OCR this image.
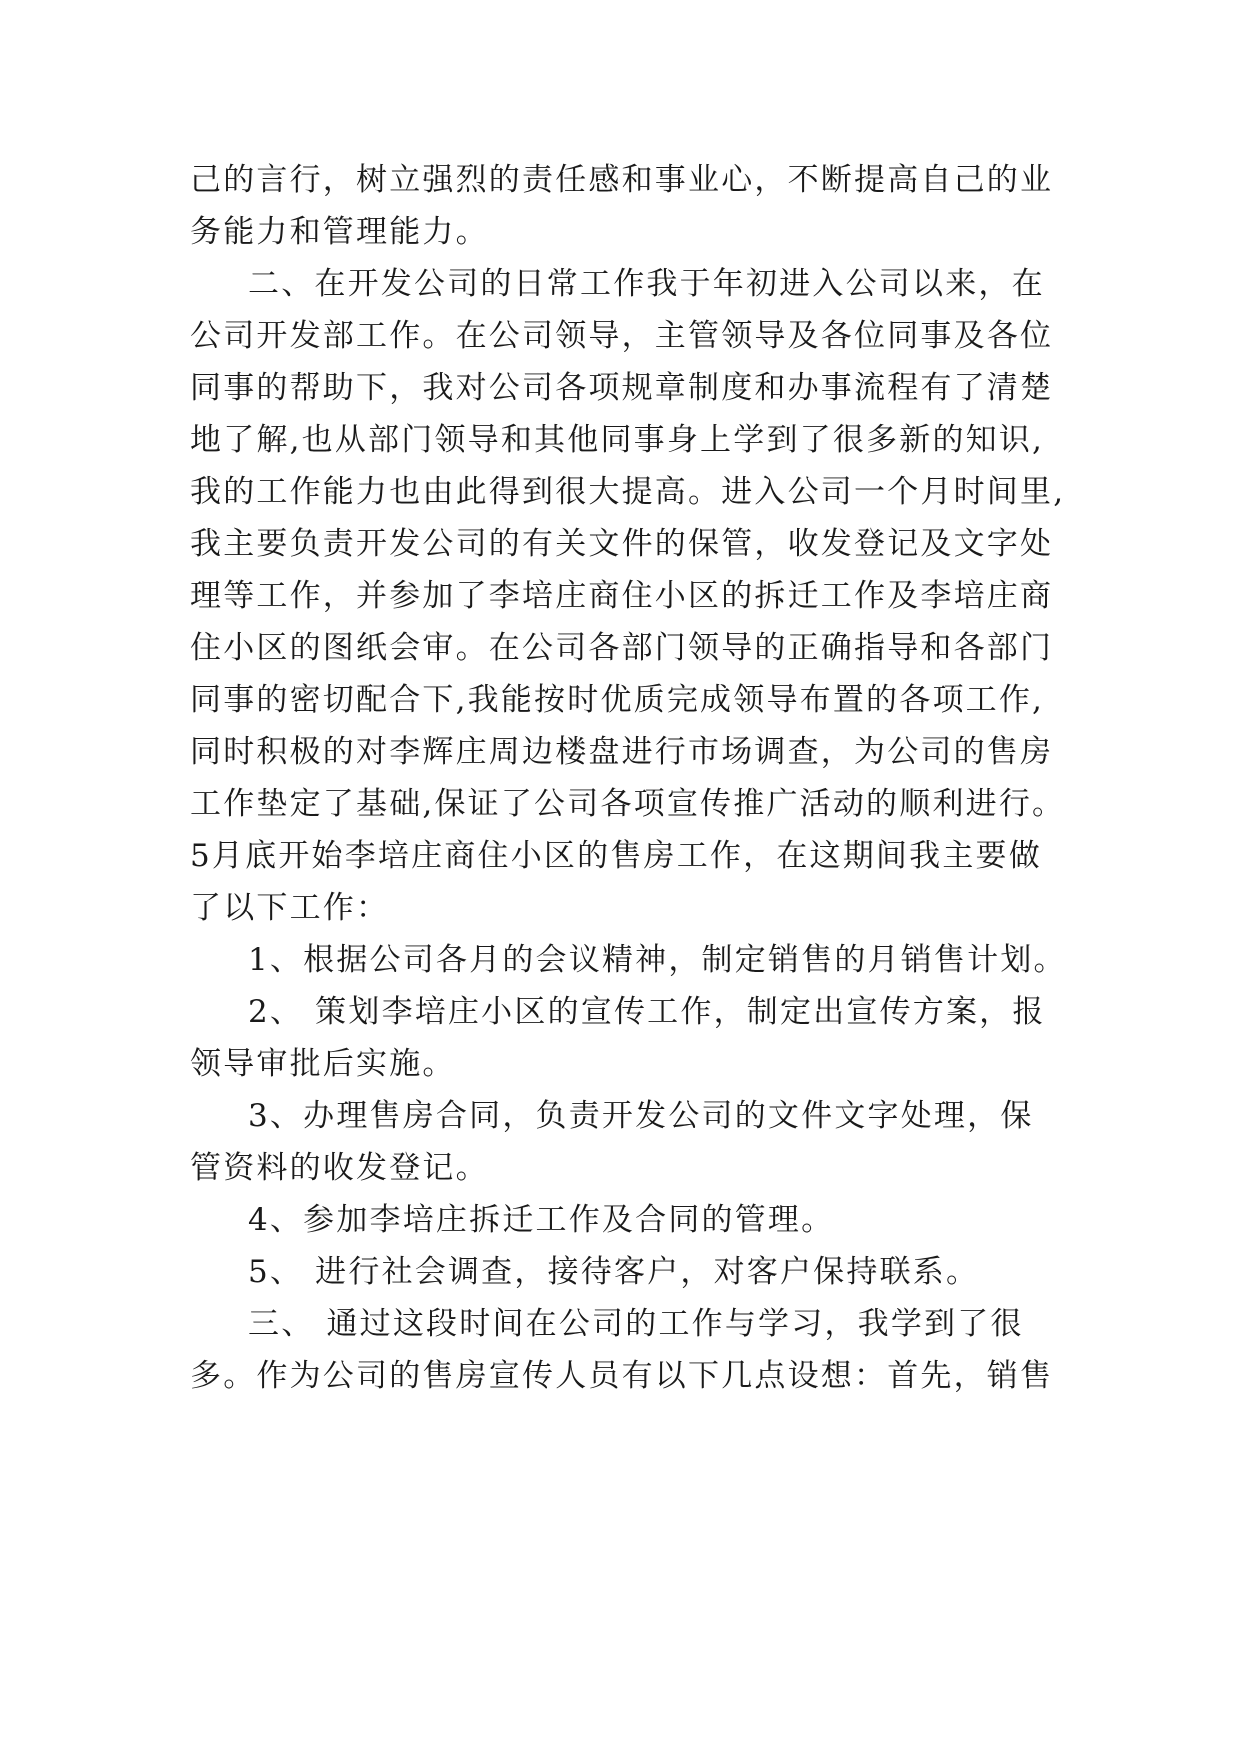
己的言行，树立强烈的责任感和事业心，不断提高自己的业
务能力和管理能力。
二、在开发公司的日常工作我于年初进入公司以来，在
公司开发部工作。在公司领导，主管领导及各位同事及各位
同事的帮助下，我对公司各项规章制度和办事流程有了清楚
地了解,也从部门领导和其他同事身上学到了很多新的知识,
我的工作能力也由此得到很大提高。进入公司一个月时间里,
我主要负责开发公司的有关文件的保管，收发登记及文字处
理等工作，并参加了李培庄商住小区的拆迁工作及李培庄商
住小区的图纸会审。在公司各部门领导的正确指导和各部门
同事的密切配合下,我能按时优质完成领导布置的各项工作,
同时积极的对李辉庄周边楼盘进行市场调查，为公司的售房
工作垫定了基础,保证了公司各项宣传推广活动的顺利进行。
5月底开始李培庄商住小区的售房工作，在这期间我主要做
了以下工作：
1、根据公司各月的会议精神，制定销售的月销售计划。
2、 策划李培庄小区的宣传工作，制定出宣传方案，报
领导审批后实施。
3、办理售房合同，负责开发公司的文件文字处理，保
管资料的收发登记。
4、参加李培庄拆迁工作及合同的管理。
5、 进行社会调查，接待客户，对客户保持联系。
三、 通过这段时间在公司的工作与学习，我学到了很
多。作为公司的售房宣传人员有以下几点设想：首先，销售
